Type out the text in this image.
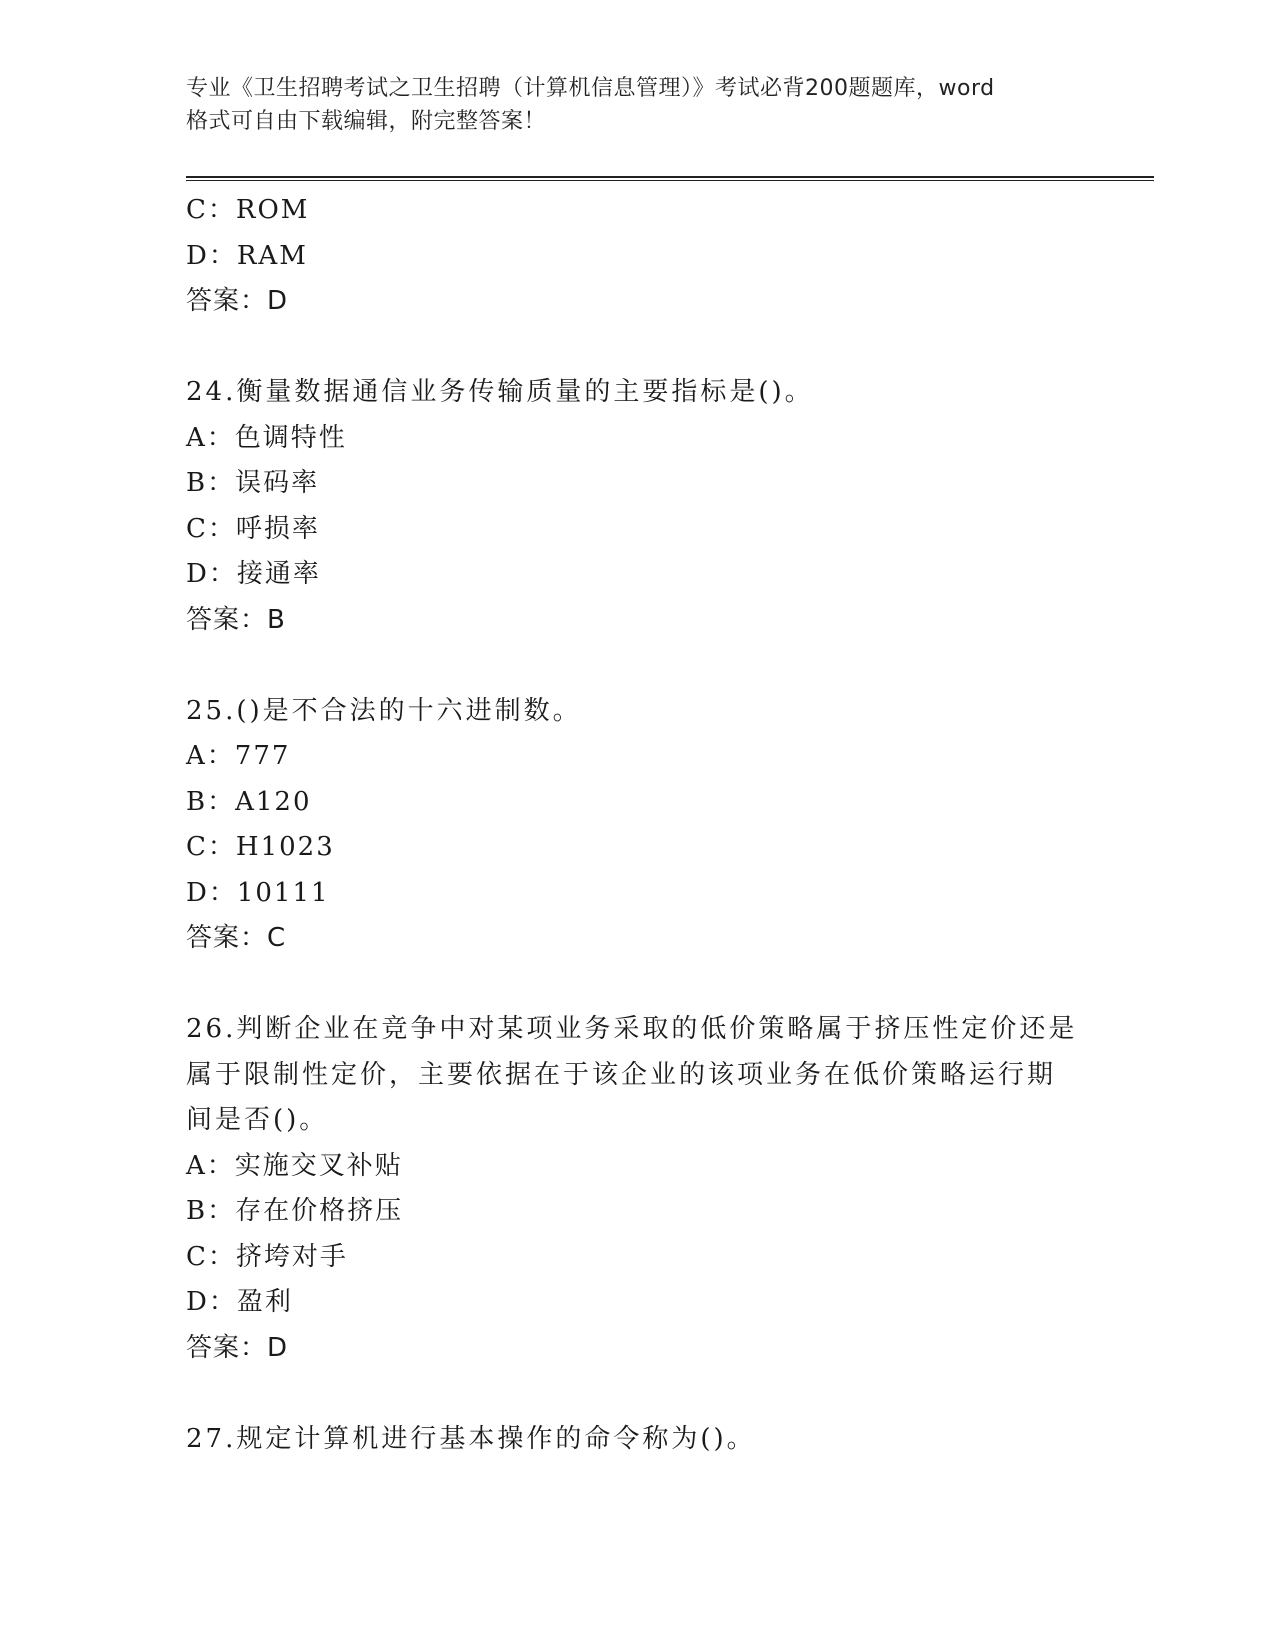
专业《卫生招聘考试之卫生招聘（计算机信息管理）》考试必背200题题库，word
格式可自由下载编辑，附完整答案！
C：ROM
D：RAM
答案：D
24.衡量数据通信业务传输质量的主要指标是()。
A：色调特性
B：误码率
C：呼损率
D：接通率
答案：B
25.()是不合法的十六进制数。
A：777
B：A120
C：H1023
D：10111
答案：C
26.判断企业在竞争中对某项业务采取的低价策略属于挤压性定价还是
属于限制性定价，主要依据在于该企业的该项业务在低价策略运行期
间是否()。
A：实施交叉补贴
B：存在价格挤压
C：挤垮对手
D：盈利
答案：D
27.规定计算机进行基本操作的命令称为()。
